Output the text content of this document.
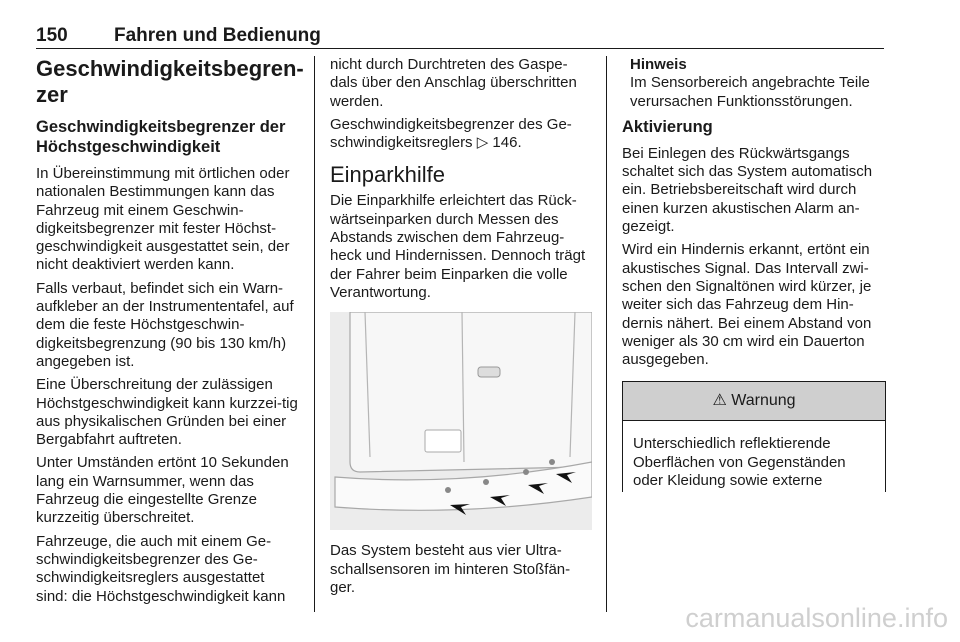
150 Fahren und Bedienung
Geschwindigkeitsbegren-zer
Geschwindigkeitsbegrenzer der Höchstgeschwindigkeit

In Übereinstimmung mit örtlichen oder nationalen Bestimmungen kann das Fahrzeug mit einem Geschwin-digkeitsbegrenzer mit fester Höchst-geschwindigkeit ausgestattet sein, der nicht deaktiviert werden kann.

Falls verbaut, befindet sich ein Warn-aufkleber an der Instrumententafel, auf dem die feste Höchstgeschwin-digkeitsbegrenzung (90 bis 130 km/h) angegeben ist.

Eine Überschreitung der zulässigen Höchstgeschwindigkeit kann kurzzei-tig aus physikalischen Gründen bei einer Bergabfahrt auftreten.

Unter Umständen ertönt 10 Sekunden lang ein Warnsummer, wenn das Fahrzeug die eingestellte Grenze kurzzeitig überschreitet.

Fahrzeuge, die auch mit einem Ge-schwindigkeitsbegrenzer des Ge-schwindigkeitsreglers ausgestattet sind: die Höchstgeschwindigkeit kann

nicht durch Durchtreten des Gaspe-dals über den Anschlag überschritten werden.

Geschwindigkeitsbegrenzer des Ge-schwindigkeitsreglers ▷ 146.

Einparkhilfe

Die Einparkhilfe erleichtert das Rück-wärtseinparken durch Messen des Abstands zwischen dem Fahrzeug-heck und Hindernissen. Dennoch trägt der Fahrer beim Einparken die volle Verantwortung.

Das System besteht aus vier Ultra-schallsensoren im hinteren Stoßfän-ger.

Hinweis
Im Sensorbereich angebrachte Teile verursachen Funktionsstörungen.
Aktivierung

Bei Einlegen des Rückwärtsgangs schaltet sich das System automatisch ein. Betriebsbereitschaft wird durch einen kurzen akustischen Alarm an-gezeigt.

Wird ein Hindernis erkannt, ertönt ein akustisches Signal. Das Intervall zwi-schen den Signaltönen wird kürzer, je weiter sich das Fahrzeug dem Hin-dernis nähert. Bei einem Abstand von weniger als 30 cm wird ein Dauerton ausgegeben.

⚠ Warnung

Unterschiedlich reflektierende Oberflächen von Gegenständen oder Kleidung sowie externe

carmanualsonline.info
